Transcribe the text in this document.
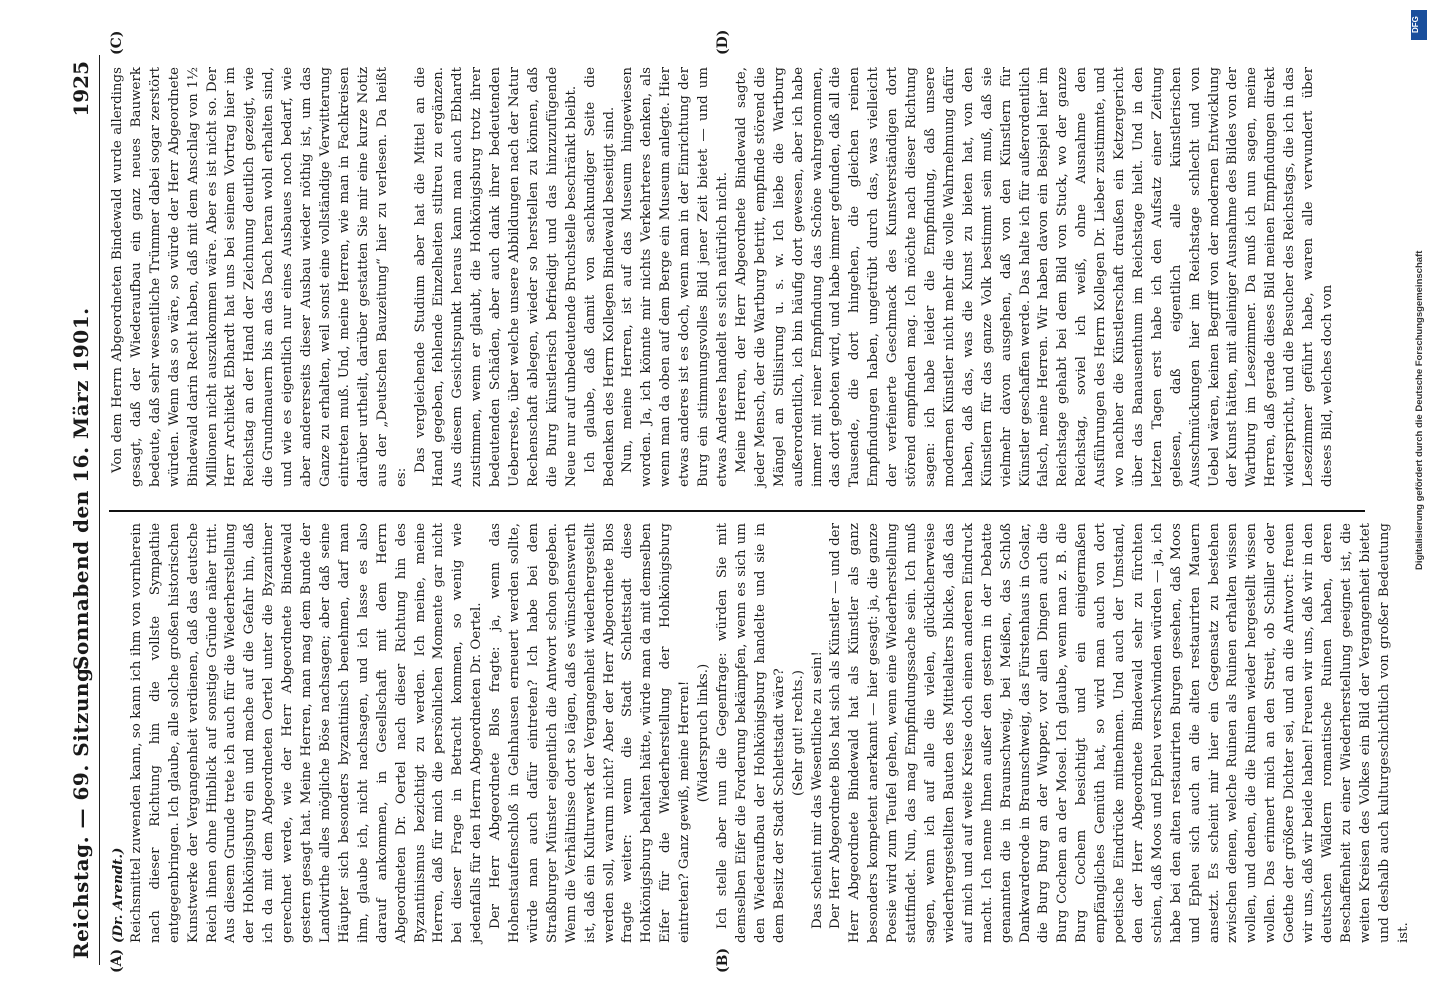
Reichstag. — 69. Sitzung.
Sonnabend den 16. März 1901.
1925
(A)	(B)
(C)	(D)

(Dr. Arendt.) Reichsmittel zuwenden kann, so kann ich ihm von vornherein nach dieser Richtung hin die vollste Sympathie entgegenbringen. Ich glaube, alle solche großen historischen Kunstwerke der Vergangenheit verdienen, daß das deutsche Reich ihnen ohne Hinblick auf sonstige Gründe näher tritt. Aus diesem Grunde trete ich auch für die Wiederherstellung der Hohkönigsburg ein und mache auf die Gefahr hin, daß ich da mit dem Abgeordneten Oertel unter die Byzantiner gerechnet werde, wie der Herr Abgeordnete Bindewald gestern gesagt hat. Meine Herren, man mag dem Bunde der Landwirthe alles mögliche Böse nachsagen; aber daß seine Häupter sich besonders byzantinisch benehmen, darf man ihm, glaube ich, nicht nachsagen, und ich lasse es also darauf ankommen, in Gesellschaft mit dem Herrn Abgeordneten Dr. Oertel nach dieser Richtung hin des Byzantinismus bezichtigt zu werden. Ich meine, meine Herren, daß für mich die persönlichen Momente gar nicht bei dieser Frage in Betracht kommen, so wenig wie jedenfalls für den Herrn Abgeordneten Dr. Oertel. Der Herr Abgeordnete Blos fragte: ja, wenn das Hohenstaufenschloß in Gelnhausen erneuert werden sollte, würde man auch dafür eintreten? Ich habe bei dem Straßburger Münster eigentlich die Antwort schon gegeben. Wenn die Verhältnisse dort so lägen, daß es wünschenswerth ist, daß ein Kulturwerk der Vergangenheit wiederhergestellt werden soll, warum nicht? Aber der Herr Abgeordnete Blos fragte weiter: wenn die Stadt Schlettstadt diese Hohkönigsburg behalten hätte, würde man da mit demselben Eifer für die Wiederherstellung der Hohkönigsburg eintreten? Ganz gewiß, meine Herren! (Widerspruch links.) Ich stelle aber nun die Gegenfrage: würden Sie mit demselben Eifer die Forderung bekämpfen, wenn es sich um den Wiederaufbau der Hohkönigsburg handelte und sie in dem Besitz der Stadt Schlettstadt wäre? (Sehr gut! rechts.) Das scheint mir das Wesentliche zu sein! Der Herr Abgeordnete Blos hat sich als Künstler — und der Herr Abgeordnete Bindewald hat als Künstler als ganz besonders kompetent anerkannt — hier gesagt: ja, die ganze Poesie wird zum Teufel gehen, wenn eine Wiederherstellung stattfindet. Nun, das mag Empfindungssache sein. Ich muß sagen, wenn ich auf alle die vielen, glücklicherweise wiederhergestellten Bauten des Mittelalters blicke, daß das auf mich und auf weite Kreise doch einen anderen Eindruck macht. Ich nenne Ihnen außer den gestern in der Debatte genannten die in Braunschweig, bei Meißen, das Schloß Dankwarderode in Braunschweig, das Fürstenhaus in Goslar, die Burg Burg an der Wupper, vor allen Dingen auch die Burg Cochem an der Mosel. Ich glaube, wenn man z. B. die Burg Cochem besichtigt und ein einigermaßen empfängliches Gemüth hat, so wird man auch von dort poetische Eindrücke mitnehmen. Und auch der Umstand, den der Herr Abgeordnete Bindewald sehr zu fürchten schien, daß Moos und Epheu verschwinden würden — ja, ich habe bei den alten restaurirten Burgen gesehen, daß Moos und Epheu sich auch an die alten restaurirten Mauern ansetzt. Es scheint mir hier ein Gegensatz zu bestehen zwischen denen, welche Ruinen als Ruinen erhalten wissen wollen, und denen, die die Ruinen wieder hergestellt wissen wollen. Das erinnert mich an den Streit, ob Schiller oder Goethe der größere Dichter sei, und an die Antwort: freuen wir uns, daß wir beide haben! Freuen wir uns, daß wir in den deutschen Wäldern romantische Ruinen haben, deren Beschaffenheit zu einer Wiederherstellung geeignet ist, die weiten Kreisen des Volkes ein Bild der Vergangenheit bietet und deshalb auch kulturgeschichtlich von großer Bedeutung ist.

Von dem Herrn Abgeordneten Bindewald wurde allerdings gesagt, daß der Wiederaufbau ein ganz neues Bauwerk bedeute, daß sehr wesentliche Trümmer dabei sogar zerstört würden. Wenn das so wäre, so würde der Herr Abgeordnete Bindewald darin Recht haben, daß mit dem Anschlag von 1½ Millionen nicht auszukommen wäre. Aber es ist nicht so. Der Herr Architekt Ebhardt hat uns bei seinem Vortrag hier im Reichstag an der Hand der Zeichnung deutlich gezeigt, wie die Grundmauern bis an das Dach heran wohl erhalten sind, und wie es eigentlich nur eines Ausbaues noch bedarf, wie aber andererseits dieser Ausbau wieder nöthig ist, um das Ganze zu erhalten, weil sonst eine vollständige Verwitterung eintreten muß. Und, meine Herren, wie man in Fachkreisen darüber urtheilt, darüber gestatten Sie mir eine kurze Notiz aus der „Deutschen Bauzeitung“ hier zu verlesen. Da heißt es:

Das vergleichende Studium aber hat die Mittel an die Hand gegeben, fehlende Einzelheiten stiltreu zu ergänzen. Aus diesem Gesichtspunkt heraus kann man auch Ebhardt zustimmen, wenn er glaubt, die Hohkönigsburg trotz ihrer bedeutenden Schäden, aber auch dank ihrer bedeutenden Ueberreste, über welche unsere Abbildungen nach der Natur Rechenschaft ablegen, wieder so herstellen zu können, daß die Burg künstlerisch befriedigt und das hinzuzufügende Neue nur auf unbedeutende Bruchstelle beschränkt bleibt. Ich glaube, daß damit von sachkundiger Seite die Bedenken des Herrn Kollegen Bindewald beseitigt sind. Nun, meine Herren, ist auf das Museum hingewiesen worden. Ja, ich könnte mir nichts Verkehrteres denken, als wenn man da oben auf dem Berge ein Museum anlegte. Hier etwas anderes ist es doch, wenn man in der Einrichtung der Burg ein stimmungsvolles Bild jener Zeit bietet — und um etwas Anderes handelt es sich natürlich nicht. Meine Herren, der Herr Abgeordnete Bindewald sagte, jeder Mensch, der die Wartburg betritt, empfinde störend die Mängel an Stilisirung u. s. w. Ich liebe die Wartburg außerordentlich, ich bin häufig dort gewesen, aber ich habe immer mit reiner Empfindung das Schöne wahrgenommen, das dort geboten wird, und habe immer gefunden, daß all die Tausende, die dort hingehen, die gleichen reinen Empfindungen haben, ungetrübt durch das, was vielleicht der verfeinerte Geschmack des Kunstverständigen dort störend empfinden mag. Ich möchte nach dieser Richtung sagen: ich habe leider die Empfindung, daß unsere modernen Künstler nicht mehr die volle Wahrnehmung dafür haben, daß das, was die Kunst zu bieten hat, von den Künstlern für das ganze Volk bestimmt sein muß, daß sie vielmehr davon ausgehen, daß von den Künstlern für Künstler geschaffen werde. Das halte ich für außerordentlich falsch, meine Herren. Wir haben davon ein Beispiel hier im Reichstage gehabt bei dem Bild von Stuck, wo der ganze Reichstag, soviel ich weiß, ohne Ausnahme den Ausführungen des Herrn Kollegen Dr. Lieber zustimmte, und wo nachher die Künstlerschaft draußen ein Ketzergericht über das Banausenthum im Reichstage hielt. Und in den letzten Tagen erst habe ich den Aufsatz einer Zeitung gelesen, daß eigentlich alle künstlerischen Ausschmückungen hier im Reichstage schlecht und von Uebel wären, keinen Begriff von der modernen Entwicklung der Kunst hätten, mit alleiniger Ausnahme des Bildes von der Wartburg im Lesezimmer. Da muß ich nun sagen, meine Herren, daß gerade dieses Bild meinen Empfindungen direkt widerspricht, und die Besucher des Reichstags, die ich in das Lesezimmer geführt habe, waren alle verwundert über dieses Bild, welches doch von

DFG
Digitalisierung gefördert durch die Deutsche Forschungsgemeinschaft
